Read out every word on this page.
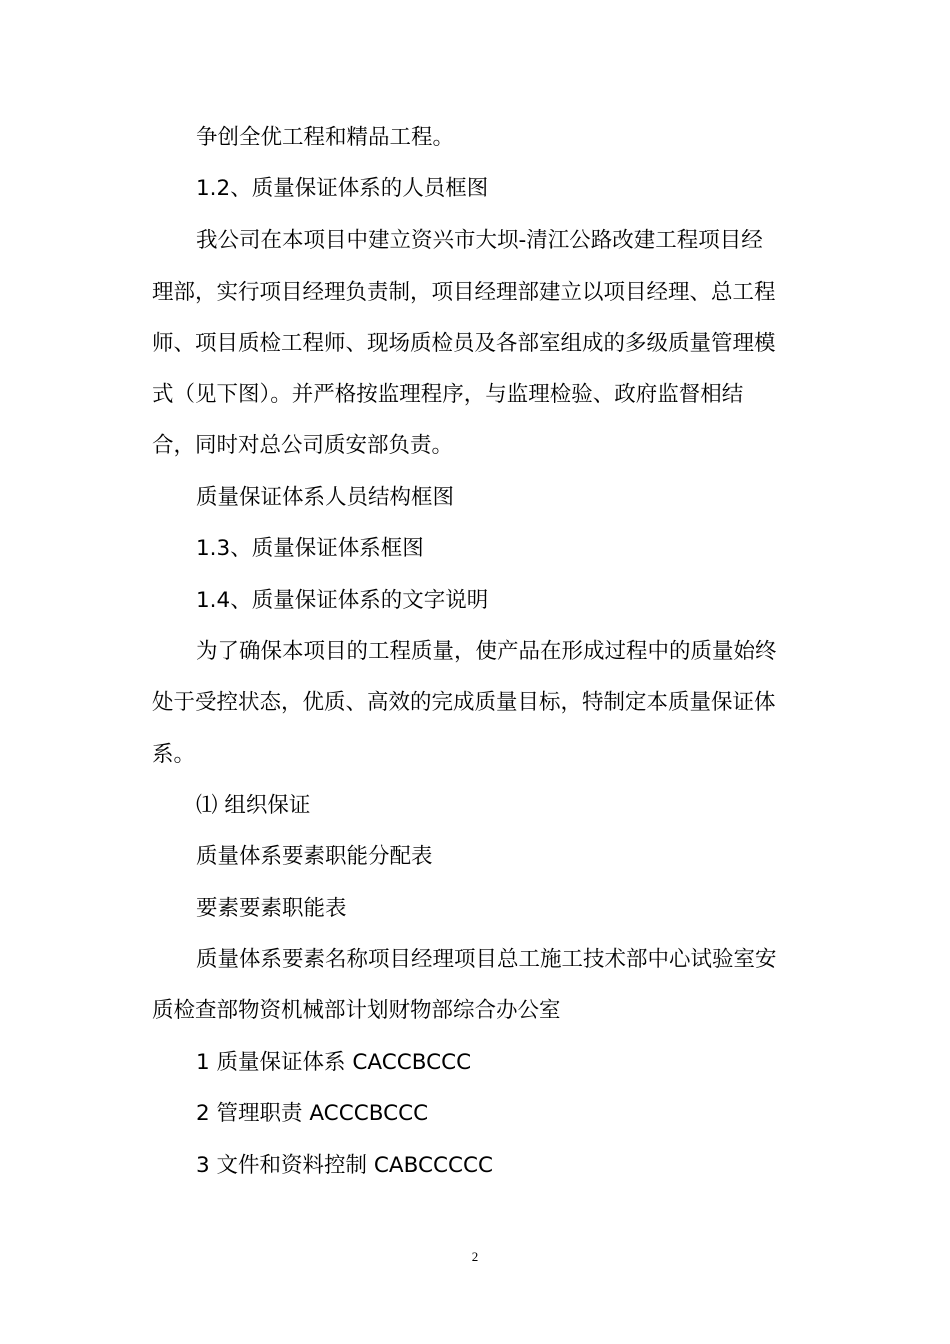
争创全优工程和精品工程。
1.2、质量保证体系的人员框图
我公司在本项目中建立资兴市大坝-清江公路改建工程项目经
理部，实行项目经理负责制，项目经理部建立以项目经理、总工程
师、项目质检工程师、现场质检员及各部室组成的多级质量管理模
式（见下图）。并严格按监理程序，与监理检验、政府监督相结
合，同时对总公司质安部负责。
质量保证体系人员结构框图
1.3、质量保证体系框图
1.4、质量保证体系的文字说明
为了确保本项目的工程质量，使产品在形成过程中的质量始终
处于受控状态，优质、高效的完成质量目标，特制定本质量保证体
系。
⑴ 组织保证
质量体系要素职能分配表
要素要素职能表
质量体系要素名称项目经理项目总工施工技术部中心试验室安
质检查部物资机械部计划财物部综合办公室
1 质量保证体系 CACCBCCC
2 管理职责 ACCCBCCC
3 文件和资料控制 CABCCCCC
2
